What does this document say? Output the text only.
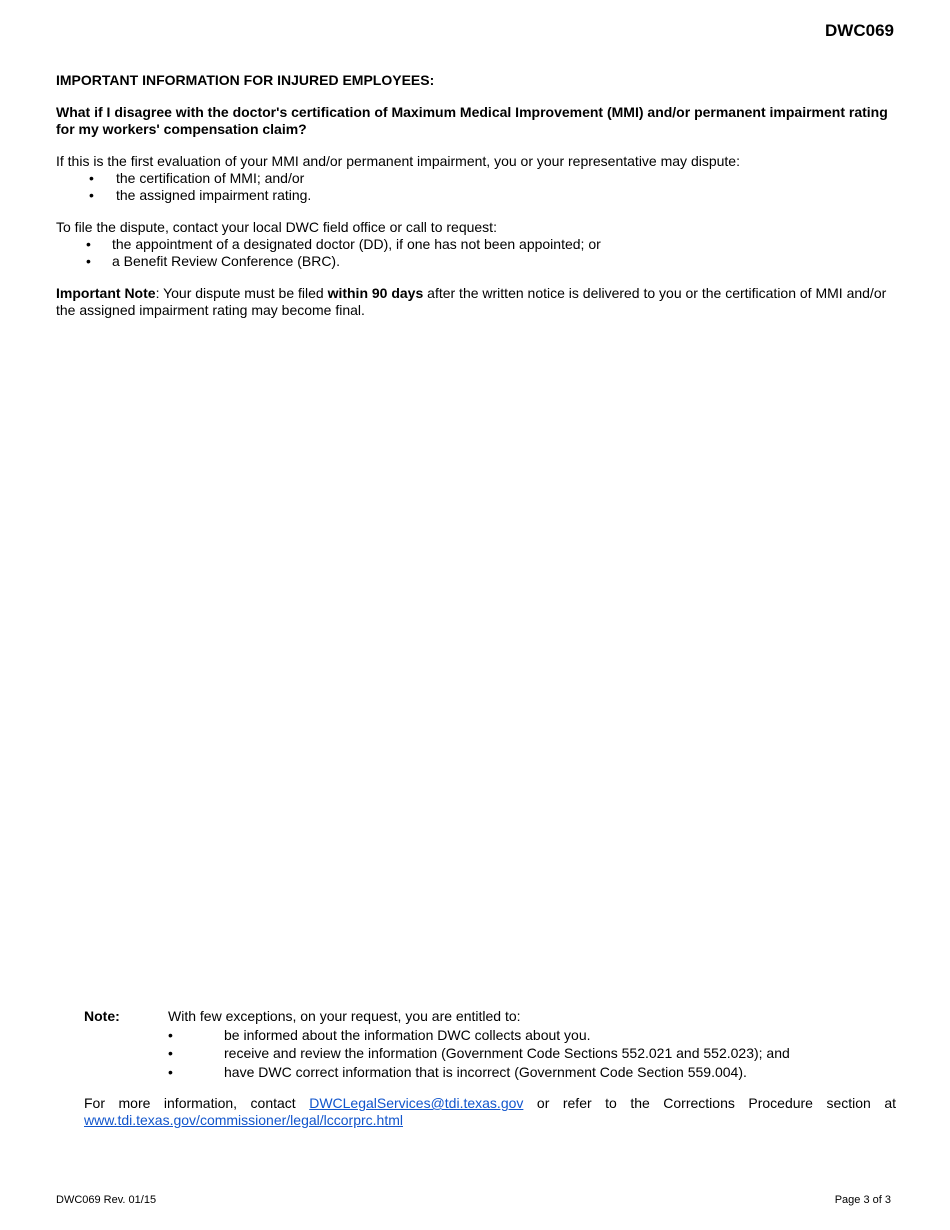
DWC069

IMPORTANT INFORMATION FOR INJURED EMPLOYEES:

What if I disagree with the doctor's certification of Maximum Medical Improvement (MMI) and/or permanent impairment rating for my workers' compensation claim?

If this is the first evaluation of your MMI and/or permanent impairment, you or your representative may dispute:

• the certification of MMI; and/or
• the assigned impairment rating.

To file the dispute, contact your local DWC field office or call to request:

• the appointment of a designated doctor (DD), if one has not been appointed; or
• a Benefit Review Conference (BRC).

Important Note: Your dispute must be filed within 90 days after the written notice is delivered to you or the certification of MMI and/or the assigned impairment rating may become final.

Note:	With few exceptions, on your request, you are entitled to:
•	be informed about the information DWC collects about you.
•	receive and review the information (Government Code Sections 552.021 and 552.023); and
•	have DWC correct information that is incorrect (Government Code Section 559.004).
For more information, contact DWCLegalServices@tdi.texas.gov or refer to the Corrections Procedure section at
www.tdi.texas.gov/commissioner/legal/lccorprc.html
DWC069 Rev. 01/15	Page 3 of 3
